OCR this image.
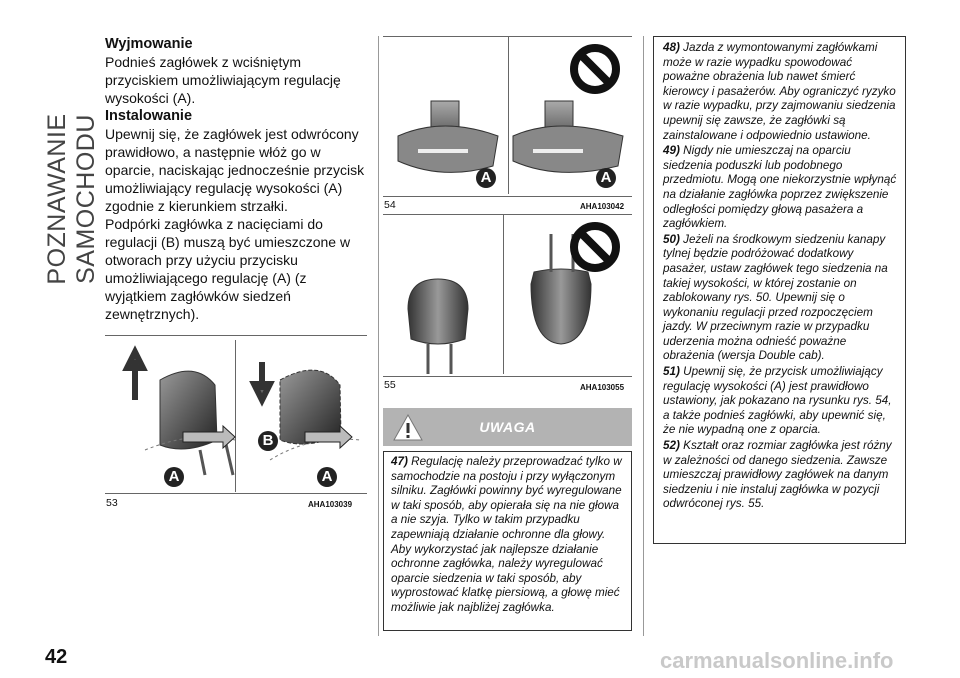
POZNAWANIE SAMOCHODU
42	carmanualsonline.info
Wyjmowanie

Podnieś zagłówek z wciśniętym przyciskiem umożliwiającym regulację wysokości (A).

Instalowanie

Upewnij się, że zagłówek jest odwrócony prawidłowo, a następnie włóż go w oparcie, naciskając jednocześnie przycisk umożliwiający regulację wysokości (A) zgodnie z kierunkiem strzałki.

Podpórki zagłówka z nacięciami do regulacji (B) muszą być umieszczone w otworach przy użyciu przycisku umożliwiającego regulację (A) (z wyjątkiem zagłówków siedzeń zewnętrznych).

A
B
A
53	AHA103039
A	A
54	AHA103042
55	AHA103055
UWAGA

47) Regulację należy przeprowadzać tylko w samochodzie na postoju i przy wyłączonym silniku. Zagłówki powinny być wyregulowane w taki sposób, aby opierała się na nie głowa a nie szyja. Tylko w takim przypadku zapewniają działanie ochronne dla głowy. Aby wykorzystać jak najlepsze działanie ochronne zagłówka, należy wyregulować oparcie siedzenia w taki sposób, aby wyprostować klatkę piersiową, a głowę mieć możliwie jak najbliżej zagłówka.

48) Jazda z wymontowanymi zagłówkami może w razie wypadku spowodować poważne obrażenia lub nawet śmierć kierowcy i pasażerów. Aby ograniczyć ryzyko w razie wypadku, przy zajmowaniu siedzenia upewnij się zawsze, że zagłówki są zainstalowane i odpowiednio ustawione.

49) Nigdy nie umieszczaj na oparciu siedzenia poduszki lub podobnego przedmiotu. Mogą one niekorzystnie wpłynąć na działanie zagłówka poprzez zwiększenie odległości pomiędzy głową pasażera a zagłówkiem.

50) Jeżeli na środkowym siedzeniu kanapy tylnej będzie podróżować dodatkowy pasażer, ustaw zagłówek tego siedzenia na takiej wysokości, w której zostanie on zablokowany rys. 50. Upewnij się o wykonaniu regulacji przed rozpoczęciem jazdy. W przeciwnym razie w przypadku uderzenia można odnieść poważne obrażenia (wersja Double cab).

51) Upewnij się, że przycisk umożliwiający regulację wysokości (A) jest prawidłowo ustawiony, jak pokazano na rysunku rys. 54, a także podnieś zagłówki, aby upewnić się, że nie wypadną one z oparcia.

52) Kształt oraz rozmiar zagłówka jest różny w zależności od danego siedzenia. Zawsze umieszczaj prawidłowy zagłówek na danym siedzeniu i nie instaluj zagłówka w pozycji odwróconej rys. 55.
